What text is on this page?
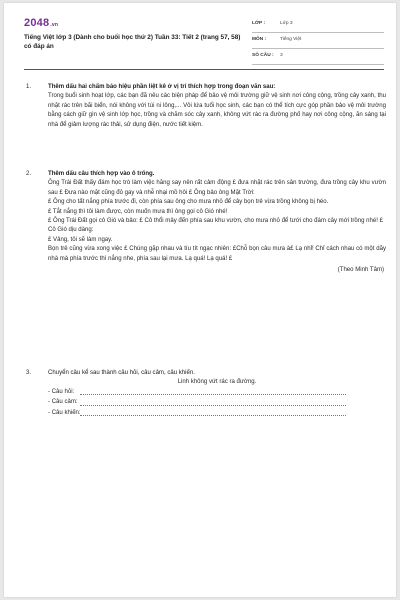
2048.vn
Tiếng Việt lớp 3 (Dành cho buổi học thứ 2) Tuần 33: Tiết 2 (trang 57, 58) có đáp án
LỚP :	Lớp 3
MÔN :	Tiếng Việt
SỐ CÂU : 3
1.	Thêm dấu hai chấm báo hiệu phần liệt kê ở vị trí thích hợp trong đoạn văn sau:
Trong buổi sinh hoạt lớp, các bạn đã nêu các biện pháp để bảo vệ môi trường giữ vệ sinh nơi công cộng, trồng cây xanh, thu nhặt rác trên bãi biển, nói không với túi ni lông,... Vôi lứa tuổi học sinh, các bạn có thể tích cực góp phần bảo vệ môi trường bằng cách giữ gìn vệ sinh lớp học, trồng và chăm sóc cây xanh, không vứt rác ra đường phố hay nơi công cộng, ăn sáng tại nhà để giảm lượng rác thải, sử dụng điện, nước tiết kiệm.
2.	Thêm dấu câu thích hợp vào ô trống.
Ông Trái Đất thấy đám học trò làm việc hăng say nên rất cảm động £ đưa nhặt rác trên sân trường, đưa trồng cây khu vườn sau £ Đưa nào mặt cũng đỏ gay và nhễ nhại mồ hôi £ Ông bảo ông Mặt Trời:
£ Ông cho tất nắng phía trước đi, còn phía sau ông cho mưa nhỏ để cây bọn trẻ vừa trồng không bị héo.
£ Tắt nắng thì tôi làm được, còn muốn mưa thì ông gọi cô Gió nhé!
£ Ông Trái Đất gọi cô Gió và bảo: £ Cô thổi mây đến phía sau khu vườn, cho mưa nhỏ để tưới cho đám cây mới trồng nhé! £
Cô Gió dịu dàng:
£ Vâng, tôi sẽ làm ngay.
Bọn trẻ cũng vừa xong việc £ Chúng gặp nhau và tíu tít ngạc nhiên: £Chỗ bọn câu mưa à£ Lạ nhỉ! Chỉ cách nhau có một dãy nhà mà phía trước thì nắng nhe, phía sau lại mưa. Lạ quá! Lạ quá! £
(Theo Minh Tâm)
3.	Chuyển câu kể sau thành câu hỏi, câu cảm, câu khiến.
Linh không vứt rác ra đường.
- Câu hỏi:
- Câu cảm:
- Câu khiến:
